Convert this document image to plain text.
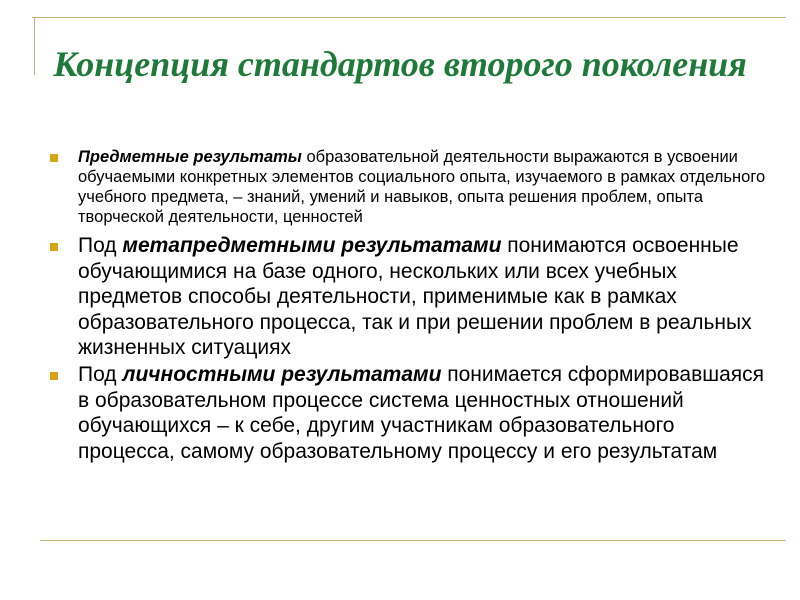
Концепция стандартов второго поколения
Предметные результаты образовательной деятельности выражаются в усвоении обучаемыми конкретных элементов социального опыта, изучаемого в рамках отдельного учебного предмета, – знаний, умений и навыков, опыта решения проблем, опыта творческой деятельности, ценностей
Под метапредметными результатами понимаются освоенные обучающимися на базе одного, нескольких или всех учебных предметов способы деятельности, применимые как в рамках образовательного процесса, так и при решении проблем в реальных жизненных ситуациях
Под личностными результатами понимается сформировавшаяся в образовательном процессе система ценностных отношений обучающихся – к себе, другим участникам образовательного процесса, самому образовательному процессу и его результатам
